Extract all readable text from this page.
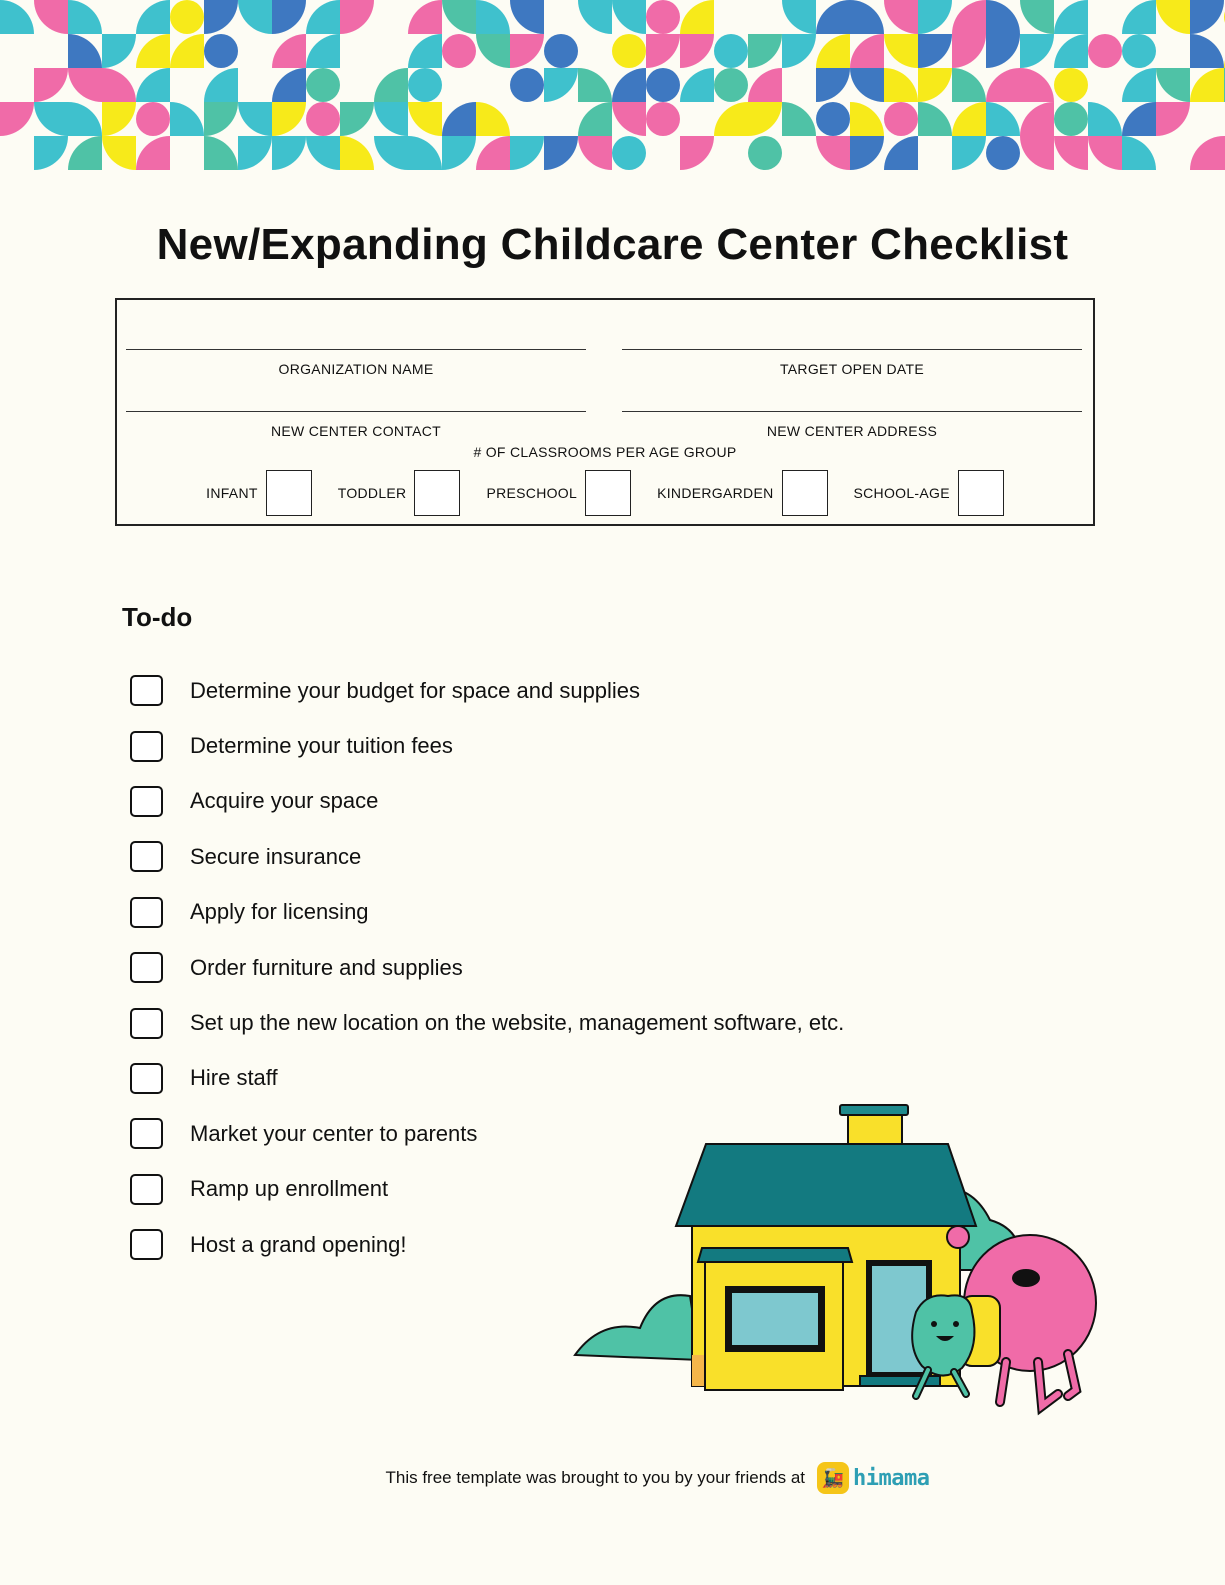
New/Expanding Childcare Center Checklist
ORGANIZATION NAME	TARGET OPEN DATE
NEW CENTER CONTACT	NEW CENTER ADDRESS
# OF CLASSROOMS PER AGE GROUP
INFANT	TODDLER	PRESCHOOL	KINDERGARDEN	SCHOOL-AGE
To-do
Determine your budget for space and supplies
Determine your tuition fees
Acquire your space
Secure insurance
Apply for licensing
Order furniture and supplies
Set up the new location on the website, management software, etc.
Hire staff
Market your center to parents
Ramp up enrollment
Host a grand opening!
This free template was brought to you by your friends at 🚂 himama
